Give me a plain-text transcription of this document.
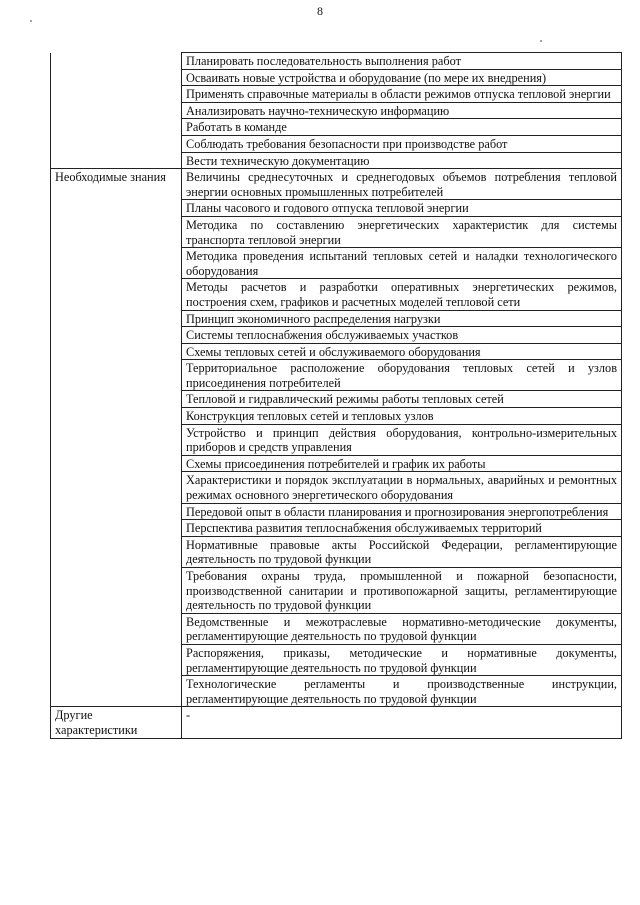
8
	Планировать последовательность выполнения работ
	Осваивать новые устройства и оборудование (по мере их внедрения)
	Применять справочные материалы в области режимов отпуска тепловой энергии
	Анализировать научно-техническую информацию
	Работать в команде
	Соблюдать требования безопасности при производстве работ
	Вести техническую документацию
Необходимые знания	Величины среднесуточных и среднегодовых объемов потребления тепловой энергии основных промышленных потребителей
	Планы часового и годового отпуска тепловой энергии
	Методика по составлению энергетических характеристик для системы транспорта тепловой энергии
	Методика проведения испытаний тепловых сетей и наладки технологического оборудования
	Методы расчетов и разработки оперативных энергетических режимов, построения схем, графиков и расчетных моделей тепловой сети
	Принцип экономичного распределения нагрузки
	Системы теплоснабжения обслуживаемых участков
	Схемы тепловых сетей и обслуживаемого оборудования
	Территориальное расположение оборудования тепловых сетей и узлов присоединения потребителей
	Тепловой и гидравлический режимы работы тепловых сетей
	Конструкция тепловых сетей и тепловых узлов
	Устройство и принцип действия оборудования, контрольно-измерительных приборов и средств управления
	Схемы присоединения потребителей и график их работы
	Характеристики и порядок эксплуатации в нормальных, аварийных и ремонтных режимах основного энергетического оборудования
	Передовой опыт в области планирования и прогнозирования энергопотребления
	Перспектива развития теплоснабжения обслуживаемых территорий
	Нормативные правовые акты Российской Федерации, регламентирующие деятельность по трудовой функции
	Требования охраны труда, промышленной и пожарной безопасности, производственной санитарии и противопожарной защиты, регламентирующие деятельность по трудовой функции
	Ведомственные и межотраслевые нормативно-методические документы, регламентирующие деятельность по трудовой функции
	Распоряжения, приказы, методические и нормативные документы, регламентирующие деятельность по трудовой функции
	Технологические регламенты и производственные инструкции, регламентирующие деятельность по трудовой функции
Другие характеристики	-
